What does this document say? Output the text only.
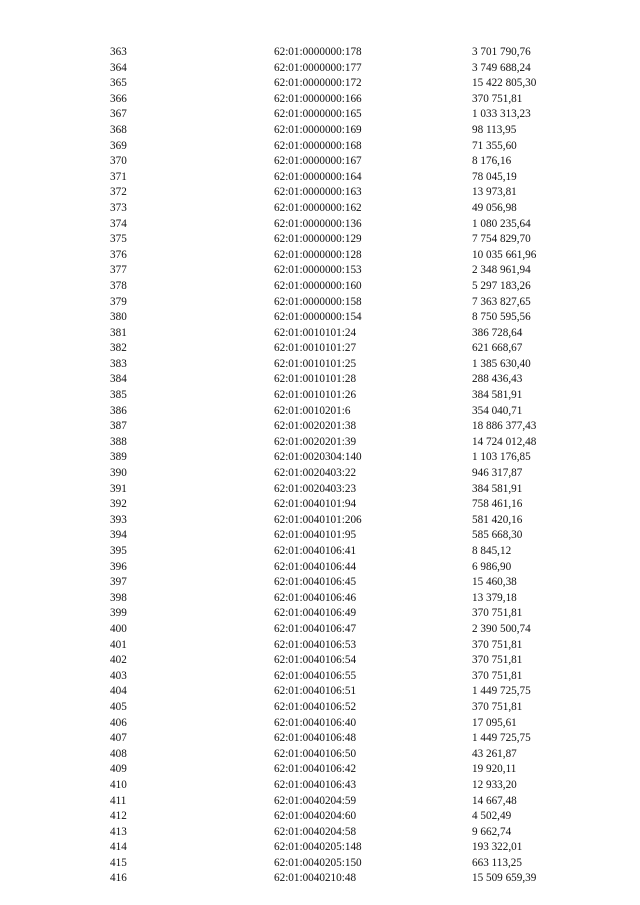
363	62:01:0000000:178	3 701 790,76
364	62:01:0000000:177	3 749 688,24
365	62:01:0000000:172	15 422 805,30
366	62:01:0000000:166	370 751,81
367	62:01:0000000:165	1 033 313,23
368	62:01:0000000:169	98 113,95
369	62:01:0000000:168	71 355,60
370	62:01:0000000:167	8 176,16
371	62:01:0000000:164	78 045,19
372	62:01:0000000:163	13 973,81
373	62:01:0000000:162	49 056,98
374	62:01:0000000:136	1 080 235,64
375	62:01:0000000:129	7 754 829,70
376	62:01:0000000:128	10 035 661,96
377	62:01:0000000:153	2 348 961,94
378	62:01:0000000:160	5 297 183,26
379	62:01:0000000:158	7 363 827,65
380	62:01:0000000:154	8 750 595,56
381	62:01:0010101:24	386 728,64
382	62:01:0010101:27	621 668,67
383	62:01:0010101:25	1 385 630,40
384	62:01:0010101:28	288 436,43
385	62:01:0010101:26	384 581,91
386	62:01:0010201:6	354 040,71
387	62:01:0020201:38	18 886 377,43
388	62:01:0020201:39	14 724 012,48
389	62:01:0020304:140	1 103 176,85
390	62:01:0020403:22	946 317,87
391	62:01:0020403:23	384 581,91
392	62:01:0040101:94	758 461,16
393	62:01:0040101:206	581 420,16
394	62:01:0040101:95	585 668,30
395	62:01:0040106:41	8 845,12
396	62:01:0040106:44	6 986,90
397	62:01:0040106:45	15 460,38
398	62:01:0040106:46	13 379,18
399	62:01:0040106:49	370 751,81
400	62:01:0040106:47	2 390 500,74
401	62:01:0040106:53	370 751,81
402	62:01:0040106:54	370 751,81
403	62:01:0040106:55	370 751,81
404	62:01:0040106:51	1 449 725,75
405	62:01:0040106:52	370 751,81
406	62:01:0040106:40	17 095,61
407	62:01:0040106:48	1 449 725,75
408	62:01:0040106:50	43 261,87
409	62:01:0040106:42	19 920,11
410	62:01:0040106:43	12 933,20
411	62:01:0040204:59	14 667,48
412	62:01:0040204:60	4 502,49
413	62:01:0040204:58	9 662,74
414	62:01:0040205:148	193 322,01
415	62:01:0040205:150	663 113,25
416	62:01:0040210:48	15 509 659,39
